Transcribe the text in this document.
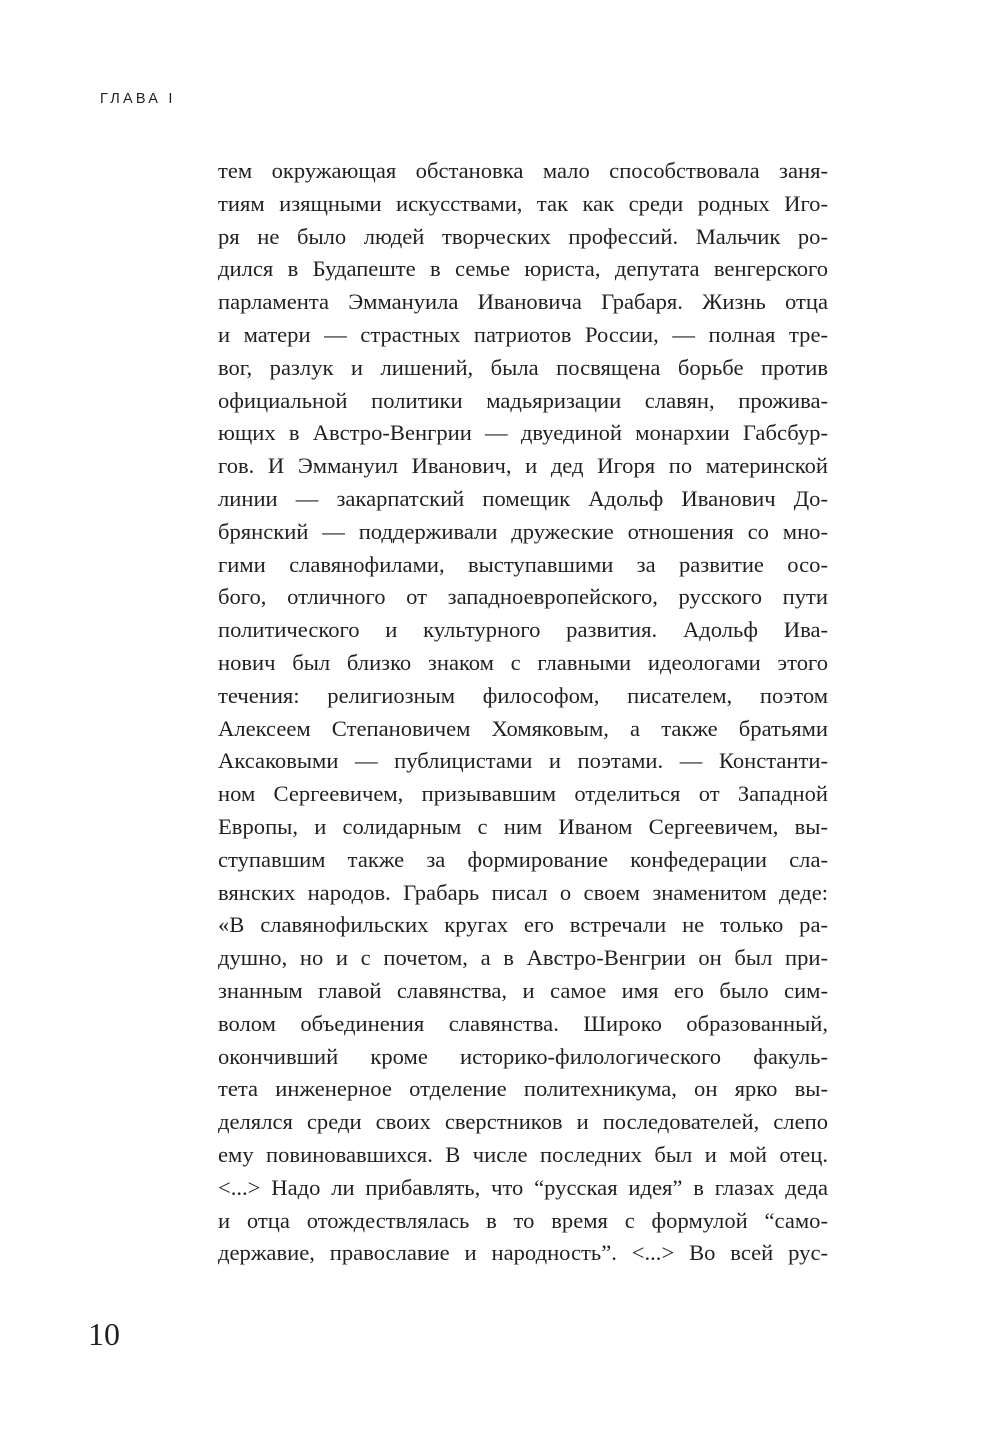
ГЛАВА I
тем окружающая обстановка мало способствовала заня-
тиям изящными искусствами, так как среди родных Иго-
ря не было людей творческих профессий. Мальчик ро-
дился в Будапеште в семье юриста, депутата венгерского
парламента Эммануила Ивановича Грабаря. Жизнь отца
и матери — страстных патриотов России, — полная тре-
вог, разлук и лишений, была посвящена борьбе против
официальной политики мадьяризации славян, прожива-
ющих в Австро-Венгрии — двуединой монархии Габсбур-
гов. И Эммануил Иванович, и дед Игоря по материнской
линии — закарпатский помещик Адольф Иванович До-
брянский — поддерживали дружеские отношения со мно-
гими славянофилами, выступавшими за развитие осо-
бого, отличного от западноевропейского, русского пути
политического и культурного развития. Адольф Ива-
нович был близко знаком с главными идеологами этого
течения: религиозным философом, писателем, поэтом
Алексеем Степановичем Хомяковым, а также братьями
Аксаковыми — публицистами и поэтами. — Константи-
ном Сергеевичем, призывавшим отделиться от Западной
Европы, и солидарным с ним Иваном Сергеевичем, вы-
ступавшим также за формирование конфедерации сла-
вянских народов. Грабарь писал о своем знаменитом деде:
«В славянофильских кругах его встречали не только ра-
душно, но и с почетом, а в Австро-Венгрии он был при-
знанным главой славянства, и самое имя его было сим-
волом объединения славянства. Широко образованный,
окончивший кроме историко-филологического факуль-
тета инженерное отделение политехникума, он ярко вы-
делялся среди своих сверстников и последователей, слепо
ему повиновавшихся. В числе последних был и мой отец.
<...> Надо ли прибавлять, что “русская идея” в глазах деда
и отца отождествлялась в то время с формулой “само-
державие, православие и народность”. <...> Во всей рус-
10
